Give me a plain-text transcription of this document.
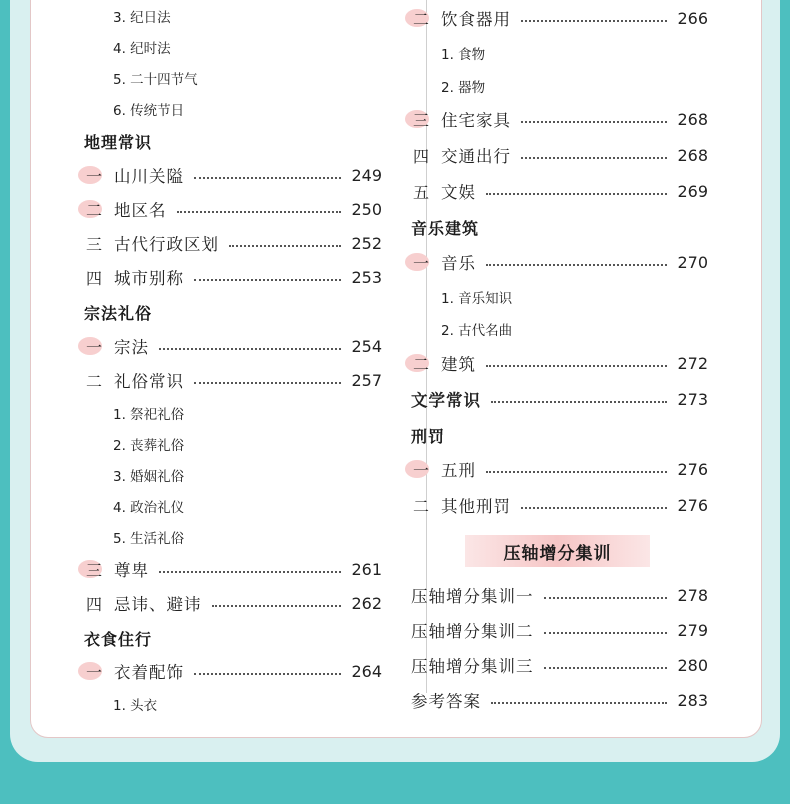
3. 纪日法
4. 纪时法
5. 二十四节气
6. 传统节日
地理常识
一 山川关隘	249
二 地区名	250
三 古代行政区划	252
四 城市别称	253
宗法礼俗
一 宗法	254
二 礼俗常识	257
1. 祭祀礼俗
2. 丧葬礼俗
3. 婚姻礼俗
4. 政治礼仪
5. 生活礼俗
三 尊卑	261
四 忌讳、避讳	262
衣食住行
一 衣着配饰	264
1. 头衣
二 饮食器用	266
1. 食物
2. 器物
三 住宅家具	268
四 交通出行	268
五 文娱	269
音乐建筑
一 音乐	270
1. 音乐知识
2. 古代名曲
二 建筑	272
文学常识	273
刑罚
一 五刑	276
二 其他刑罚	276
压轴增分集训一	278
压轴增分集训二	279
压轴增分集训三	280
参考答案	283
压轴增分集训
